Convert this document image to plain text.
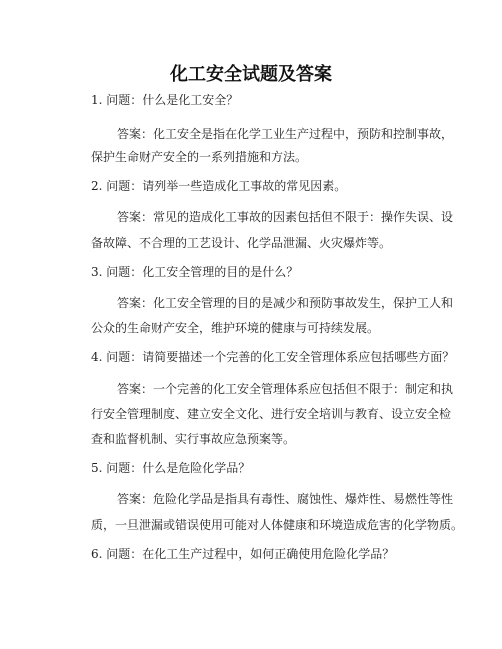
化工安全试题及答案
1. 问题：什么是化工安全？
答案：化工安全是指在化学工业生产过程中，预防和控制事故，
保护生命财产安全的一系列措施和方法。
2. 问题：请列举一些造成化工事故的常见因素。
答案：常见的造成化工事故的因素包括但不限于：操作失误、设
备故障、不合理的工艺设计、化学品泄漏、火灾爆炸等。
3. 问题：化工安全管理的目的是什么？
答案：化工安全管理的目的是减少和预防事故发生，保护工人和
公众的生命财产安全，维护环境的健康与可持续发展。
4. 问题：请简要描述一个完善的化工安全管理体系应包括哪些方面？
答案：一个完善的化工安全管理体系应包括但不限于：制定和执
行安全管理制度、建立安全文化、进行安全培训与教育、设立安全检
查和监督机制、实行事故应急预案等。
5. 问题：什么是危险化学品？
答案：危险化学品是指具有毒性、腐蚀性、爆炸性、易燃性等性
质，一旦泄漏或错误使用可能对人体健康和环境造成危害的化学物质。
6. 问题：在化工生产过程中，如何正确使用危险化学品？
